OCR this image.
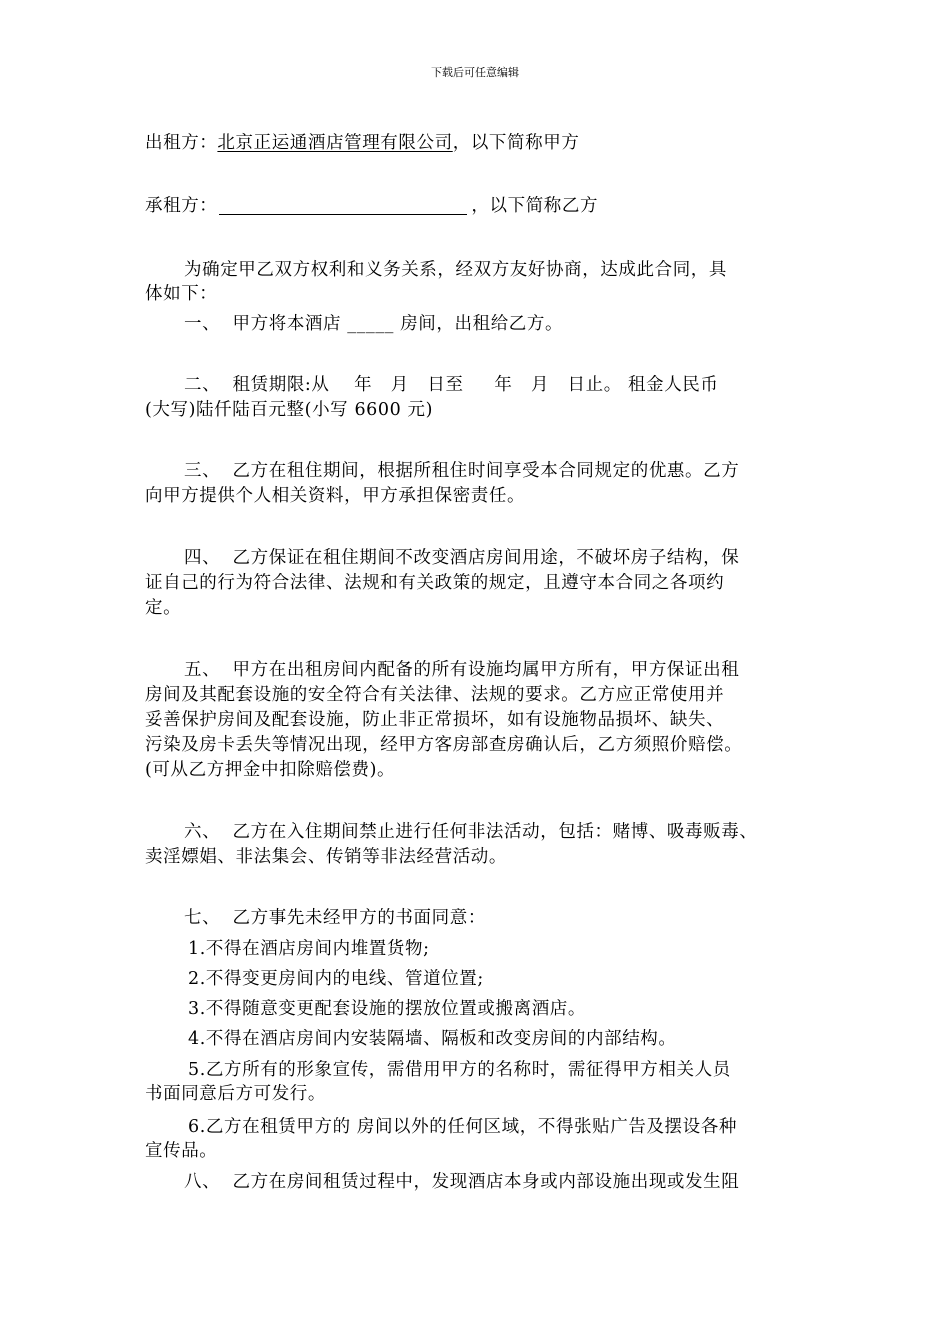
下载后可任意编辑
出租方：北京正运通酒店管理有限公司，以下简称甲方
承租方：	，以下简称乙方
为确定甲乙双方权利和义务关系，经双方友好协商，达成此合同，具
体如下：
一、  甲方将本酒店 _____ 房间，出租给乙方。
二、  租赁期限:从    年   月   日至     年   月   日止。 租金人民币
(大写)陆仟陆百元整(小写 6600 元)
三、  乙方在租住期间，根据所租住时间享受本合同规定的优惠。乙方
向甲方提供个人相关资料，甲方承担保密责任。
四、  乙方保证在租住期间不改变酒店房间用途，不破坏房子结构，保
证自己的行为符合法律、法规和有关政策的规定，且遵守本合同之各项约
定。
五、  甲方在出租房间内配备的所有设施均属甲方所有，甲方保证出租
房间及其配套设施的安全符合有关法律、法规的要求。乙方应正常使用并
妥善保护房间及配套设施，防止非正常损坏，如有设施物品损坏、缺失、
污染及房卡丢失等情况出现，经甲方客房部查房确认后，乙方须照价赔偿。
(可从乙方押金中扣除赔偿费)。
六、  乙方在入住期间禁止进行任何非法活动，包括：赌博、吸毒贩毒、
卖淫嫖娼、非法集会、传销等非法经营活动。
七、  乙方事先未经甲方的书面同意：
1.不得在酒店房间内堆置货物;
2.不得变更房间内的电线、管道位置;
3.不得随意变更配套设施的摆放位置或搬离酒店。
4.不得在酒店房间内安装隔墙、隔板和改变房间的内部结构。
5.乙方所有的形象宣传，需借用甲方的名称时，需征得甲方相关人员
书面同意后方可发行。
6.乙方在租赁甲方的 房间以外的任何区域，不得张贴广告及摆设各种
宣传品。
八、  乙方在房间租赁过程中，发现酒店本身或内部设施出现或发生阻
